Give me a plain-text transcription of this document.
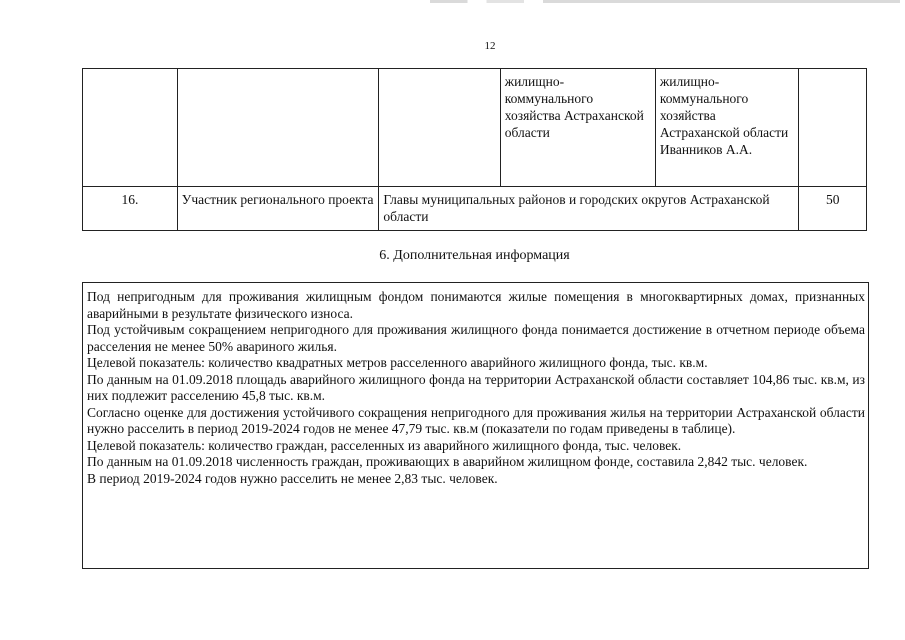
12
			жилищно-коммунального хозяйства Астраханской области	жилищно-коммунального хозяйства Астраханской области Иванников А.А.	
16.	Участник регионального проекта	Главы муниципальных районов и городских округов Астраханской области			50
6. Дополнительная информация

Под непригодным для проживания жилищным фондом понимаются жилые помещения в многоквартирных домах, признанных аварийными в результате физического износа.

Под устойчивым сокращением непригодного для проживания жилищного фонда понимается достижение в отчетном периоде объема расселения не менее 50% авариного жилья.

Целевой показатель: количество квадратных метров расселенного аварийного жилищного фонда, тыс. кв.м.

По данным на 01.09.2018 площадь аварийного жилищного фонда на территории Астраханской области составляет 104,86 тыс. кв.м, из них подлежит расселению 45,8 тыс. кв.м.

Согласно оценке для достижения устойчивого сокращения непригодного для проживания жилья на территории Астраханской области нужно расселить в период 2019-2024 годов не менее 47,79 тыс. кв.м (показатели по годам приведены в таблице).

Целевой показатель: количество граждан, расселенных из аварийного жилищного фонда, тыс. человек.

По данным на 01.09.2018 численность граждан, проживающих в аварийном жилищном фонде, составила 2,842 тыс. человек.

В период 2019-2024 годов нужно расселить не менее 2,83 тыс. человек.
